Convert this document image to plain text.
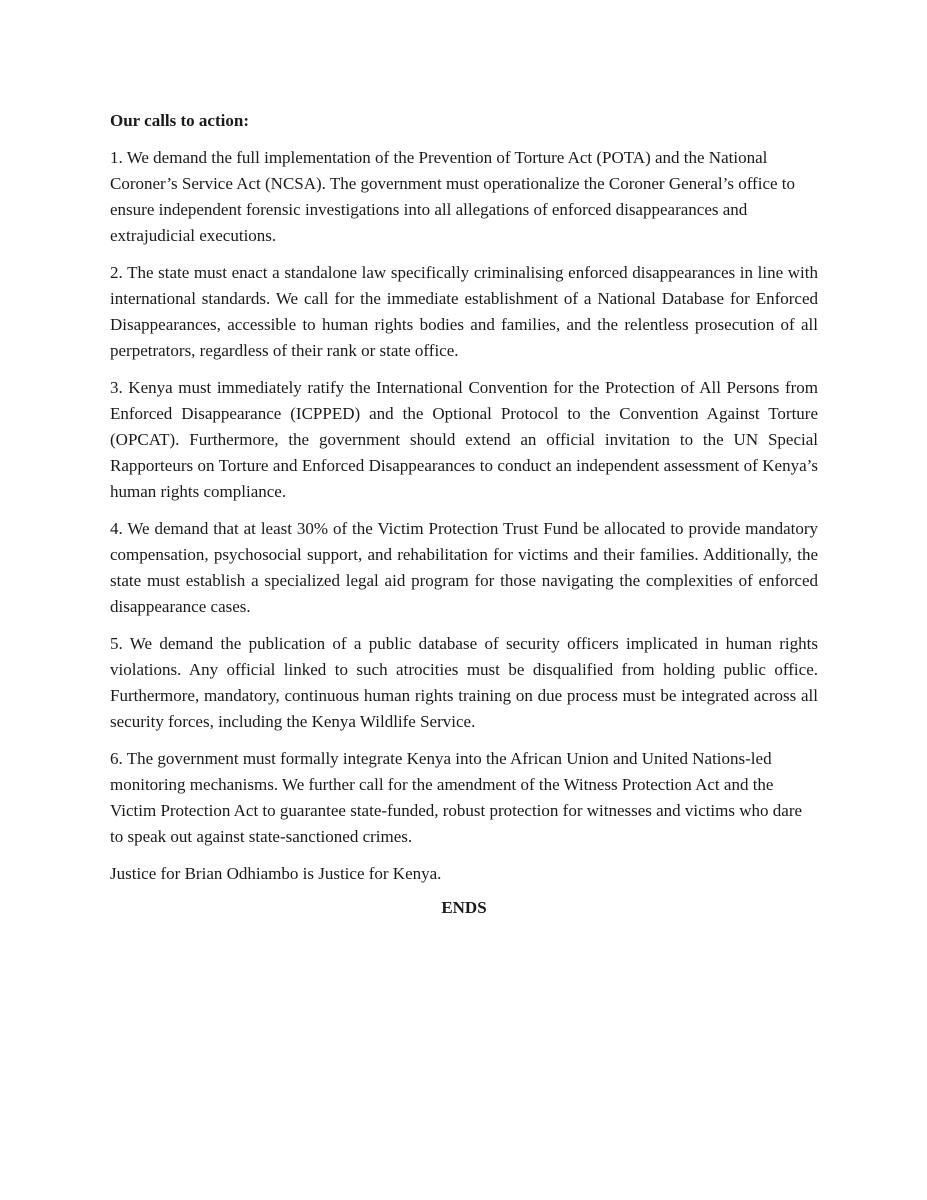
Our calls to action:

1. We demand the full implementation of the Prevention of Torture Act (POTA) and the National Coroner’s Service Act (NCSA). The government must operationalize the Coroner General’s office to ensure independent forensic investigations into all allegations of enforced disappearances and extrajudicial executions.

2. The state must enact a standalone law specifically criminalising enforced disappearances in line with international standards. We call for the immediate establishment of a National Database for Enforced Disappearances, accessible to human rights bodies and families, and the relentless prosecution of all perpetrators, regardless of their rank or state office.

3. Kenya must immediately ratify the International Convention for the Protection of All Persons from Enforced Disappearance (ICPPED) and the Optional Protocol to the Convention Against Torture (OPCAT). Furthermore, the government should extend an official invitation to the UN Special Rapporteurs on Torture and Enforced Disappearances to conduct an independent assessment of Kenya’s human rights compliance.

4. We demand that at least 30% of the Victim Protection Trust Fund be allocated to provide mandatory compensation, psychosocial support, and rehabilitation for victims and their families. Additionally, the state must establish a specialized legal aid program for those navigating the complexities of enforced disappearance cases.

5. We demand the publication of a public database of security officers implicated in human rights violations. Any official linked to such atrocities must be disqualified from holding public office. Furthermore, mandatory, continuous human rights training on due process must be integrated across all security forces, including the Kenya Wildlife Service.

6. The government must formally integrate Kenya into the African Union and United Nations-led monitoring mechanisms. We further call for the amendment of the Witness Protection Act and the Victim Protection Act to guarantee state-funded, robust protection for witnesses and victims who dare to speak out against state-sanctioned crimes.

Justice for Brian Odhiambo is Justice for Kenya.

ENDS
